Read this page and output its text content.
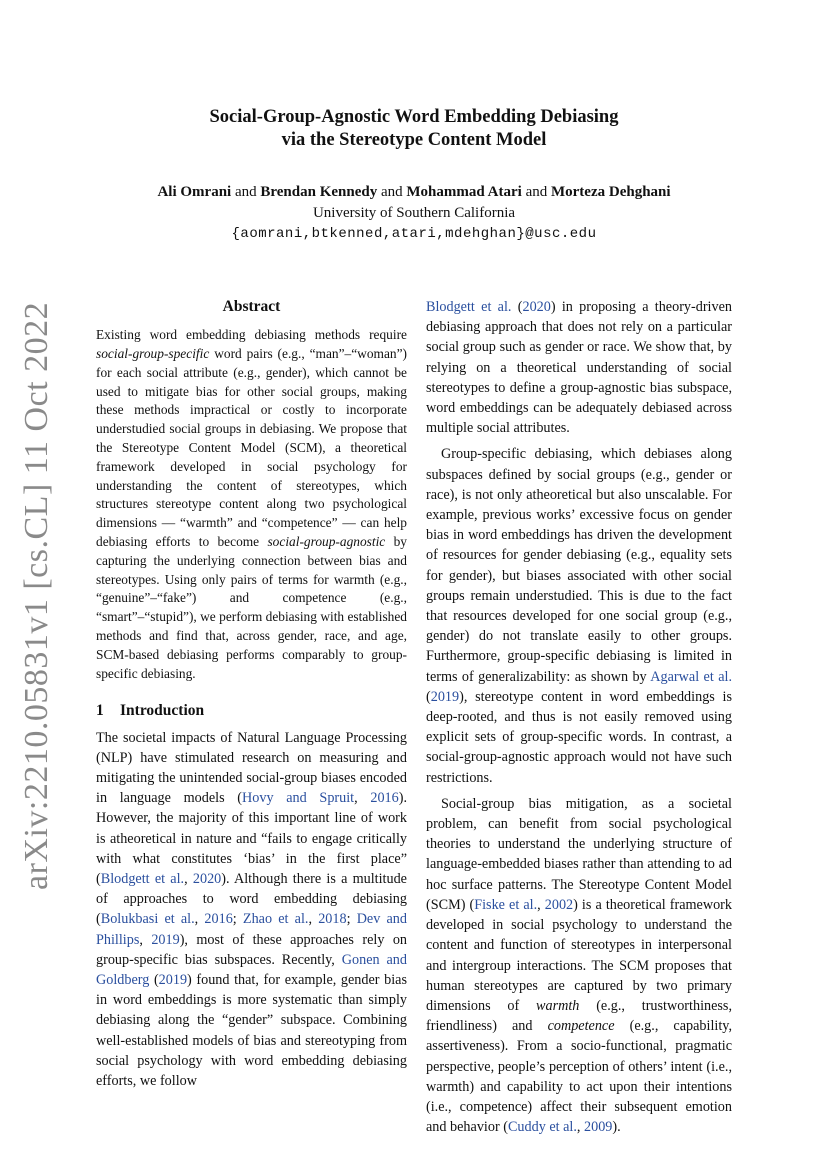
arXiv:2210.05831v1 [cs.CL] 11 Oct 2022
Social-Group-Agnostic Word Embedding Debiasing
via the Stereotype Content Model
Ali Omrani and Brendan Kennedy and Mohammad Atari and Morteza Dehghani
University of Southern California
{aomrani,btkenned,atari,mdehghan}@usc.edu
Abstract

Existing word embedding debiasing methods require social-group-specific word pairs (e.g., “man”–“woman”) for each social attribute (e.g., gender), which cannot be used to mitigate bias for other social groups, making these methods impractical or costly to incorporate understudied social groups in debiasing. We propose that the Stereotype Content Model (SCM), a theoretical framework developed in social psychology for understanding the content of stereotypes, which structures stereotype content along two psychological dimensions — “warmth” and “competence” — can help debiasing efforts to become social-group-agnostic by capturing the underlying connection between bias and stereotypes. Using only pairs of terms for warmth (e.g., “genuine”–“fake”) and competence (e.g., “smart”–“stupid”), we perform debiasing with established methods and find that, across gender, race, and age, SCM-based debiasing performs comparably to group-specific debiasing.

1 Introduction

The societal impacts of Natural Language Processing (NLP) have stimulated research on measuring and mitigating the unintended social-group biases encoded in language models (Hovy and Spruit, 2016). However, the majority of this important line of work is atheoretical in nature and “fails to engage critically with what constitutes ‘bias’ in the first place” (Blodgett et al., 2020). Although there is a multitude of approaches to word embedding debiasing (Bolukbasi et al., 2016; Zhao et al., 2018; Dev and Phillips, 2019), most of these approaches rely on group-specific bias subspaces. Recently, Gonen and Goldberg (2019) found that, for example, gender bias in word embeddings is more systematic than simply debiasing along the “gender” subspace. Combining well-established models of bias and stereotyping from social psychology with word embedding debiasing efforts, we follow

Blodgett et al. (2020) in proposing a theory-driven debiasing approach that does not rely on a particular social group such as gender or race. We show that, by relying on a theoretical understanding of social stereotypes to define a group-agnostic bias subspace, word embeddings can be adequately debiased across multiple social attributes.

Group-specific debiasing, which debiases along subspaces defined by social groups (e.g., gender or race), is not only atheoretical but also unscalable. For example, previous works’ excessive focus on gender bias in word embeddings has driven the development of resources for gender debiasing (e.g., equality sets for gender), but biases associated with other social groups remain understudied. This is due to the fact that resources developed for one social group (e.g., gender) do not translate easily to other groups. Furthermore, group-specific debiasing is limited in terms of generalizability: as shown by Agarwal et al. (2019), stereotype content in word embeddings is deep-rooted, and thus is not easily removed using explicit sets of group-specific words. In contrast, a social-group-agnostic approach would not have such restrictions.

Social-group bias mitigation, as a societal problem, can benefit from social psychological theories to understand the underlying structure of language-embedded biases rather than attending to ad hoc surface patterns. The Stereotype Content Model (SCM) (Fiske et al., 2002) is a theoretical framework developed in social psychology to understand the content and function of stereotypes in interpersonal and intergroup interactions. The SCM proposes that human stereotypes are captured by two primary dimensions of warmth (e.g., trustworthiness, friendliness) and competence (e.g., capability, assertiveness). From a socio-functional, pragmatic perspective, people’s perception of others’ intent (i.e., warmth) and capability to act upon their intentions (i.e., competence) affect their subsequent emotion and behavior (Cuddy et al., 2009).
